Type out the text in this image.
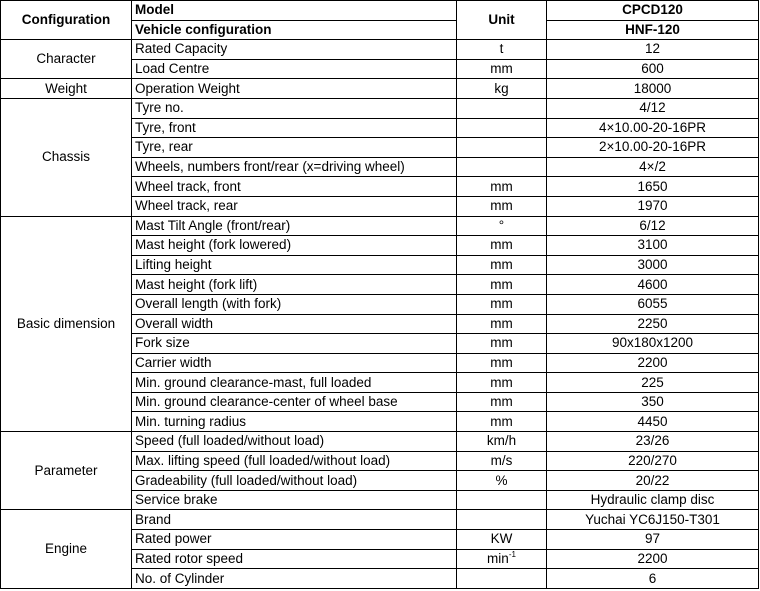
Configuration	Model	Unit	CPCD120
	Vehicle configuration		HNF-120
Character	Rated Capacity	t	12
	Load Centre	mm	600
Weight	Operation Weight	kg	18000
Chassis	Tyre no.		4/12
	Tyre, front		4×10.00-20-16PR
	Tyre, rear		2×10.00-20-16PR
	Wheels, numbers front/rear (x=driving wheel)		4×/2
	Wheel track, front	mm	1650
	Wheel track, rear	mm	1970
Basic dimension	Mast Tilt Angle (front/rear)	°	6/12
	Mast height (fork lowered)	mm	3100
	Lifting height	mm	3000
	Mast height (fork lift)	mm	4600
	Overall length (with fork)	mm	6055
	Overall width	mm	2250
	Fork size	mm	90x180x1200
	Carrier width	mm	2200
	Min. ground clearance-mast, full loaded	mm	225
	Min. ground clearance-center of wheel base	mm	350
	Min. turning radius	mm	4450
Parameter	Speed (full loaded/without load)	km/h	23/26
	Max. lifting speed (full loaded/without load)	m/s	220/270
	Gradeability (full loaded/without load)	%	20/22
	Service brake		Hydraulic clamp disc
Engine	Brand		Yuchai YC6J150-T301
	Rated power	KW	97
	Rated rotor speed	$\min^{-1}$	2200
	No. of Cylinder		6
